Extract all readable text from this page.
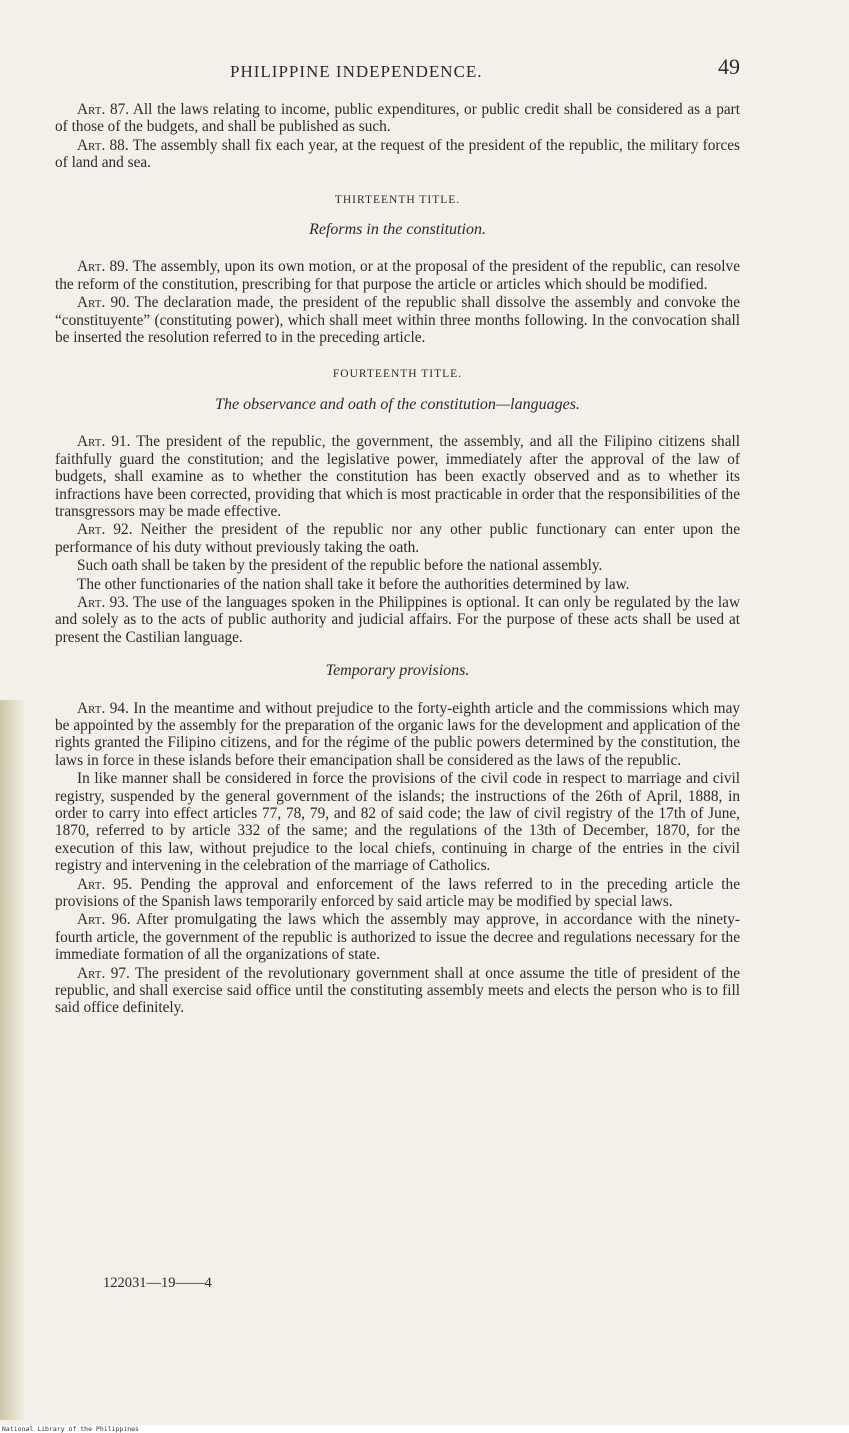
PHILIPPINE INDEPENDENCE.	49

Art. 87. All the laws relating to income, public expenditures, or public credit shall be considered as a part of those of the budgets, and shall be published as such.

Art. 88. The assembly shall fix each year, at the request of the president of the republic, the military forces of land and sea.

THIRTEENTH TITLE.
Reforms in the constitution.

Art. 89. The assembly, upon its own motion, or at the proposal of the president of the republic, can resolve the reform of the constitution, prescribing for that purpose the article or articles which should be modified.

Art. 90. The declaration made, the president of the republic shall dissolve the assembly and convoke the “constituyente” (constituting power), which shall meet within three months following. In the convocation shall be inserted the resolution referred to in the preceding article.

FOURTEENTH TITLE.
The observance and oath of the constitution—languages.

Art. 91. The president of the republic, the government, the assembly, and all the Filipino citizens shall faithfully guard the constitution; and the legislative power, immediately after the approval of the law of budgets, shall examine as to whether the constitution has been exactly observed and as to whether its infractions have been corrected, providing that which is most practicable in order that the responsibilities of the transgressors may be made effective.

Art. 92. Neither the president of the republic nor any other public functionary can enter upon the performance of his duty without previously taking the oath.

Such oath shall be taken by the president of the republic before the national assembly.

The other functionaries of the nation shall take it before the authorities determined by law.

Art. 93. The use of the languages spoken in the Philippines is optional. It can only be regulated by the law and solely as to the acts of public authority and judicial affairs. For the purpose of these acts shall be used at present the Castilian language.

Temporary provisions.

Art. 94. In the meantime and without prejudice to the forty-eighth article and the commissions which may be appointed by the assembly for the preparation of the organic laws for the development and application of the rights granted the Filipino citizens, and for the régime of the public powers determined by the constitution, the laws in force in these islands before their emancipation shall be considered as the laws of the republic.

In like manner shall be considered in force the provisions of the civil code in respect to marriage and civil registry, suspended by the general government of the islands; the instructions of the 26th of April, 1888, in order to carry into effect articles 77, 78, 79, and 82 of said code; the law of civil registry of the 17th of June, 1870, referred to by article 332 of the same; and the regulations of the 13th of December, 1870, for the execution of this law, without prejudice to the local chiefs, continuing in charge of the entries in the civil registry and intervening in the celebration of the marriage of Catholics.

Art. 95. Pending the approval and enforcement of the laws referred to in the preceding article the provisions of the Spanish laws temporarily enforced by said article may be modified by special laws.

Art. 96. After promulgating the laws which the assembly may approve, in accordance with the ninety-fourth article, the government of the republic is authorized to issue the decree and regulations necessary for the immediate formation of all the organizations of state.

Art. 97. The president of the revolutionary government shall at once assume the title of president of the republic, and shall exercise said office until the constituting assembly meets and elects the person who is to fill said office definitely.

122031—19——4
National Library of the Philippines
